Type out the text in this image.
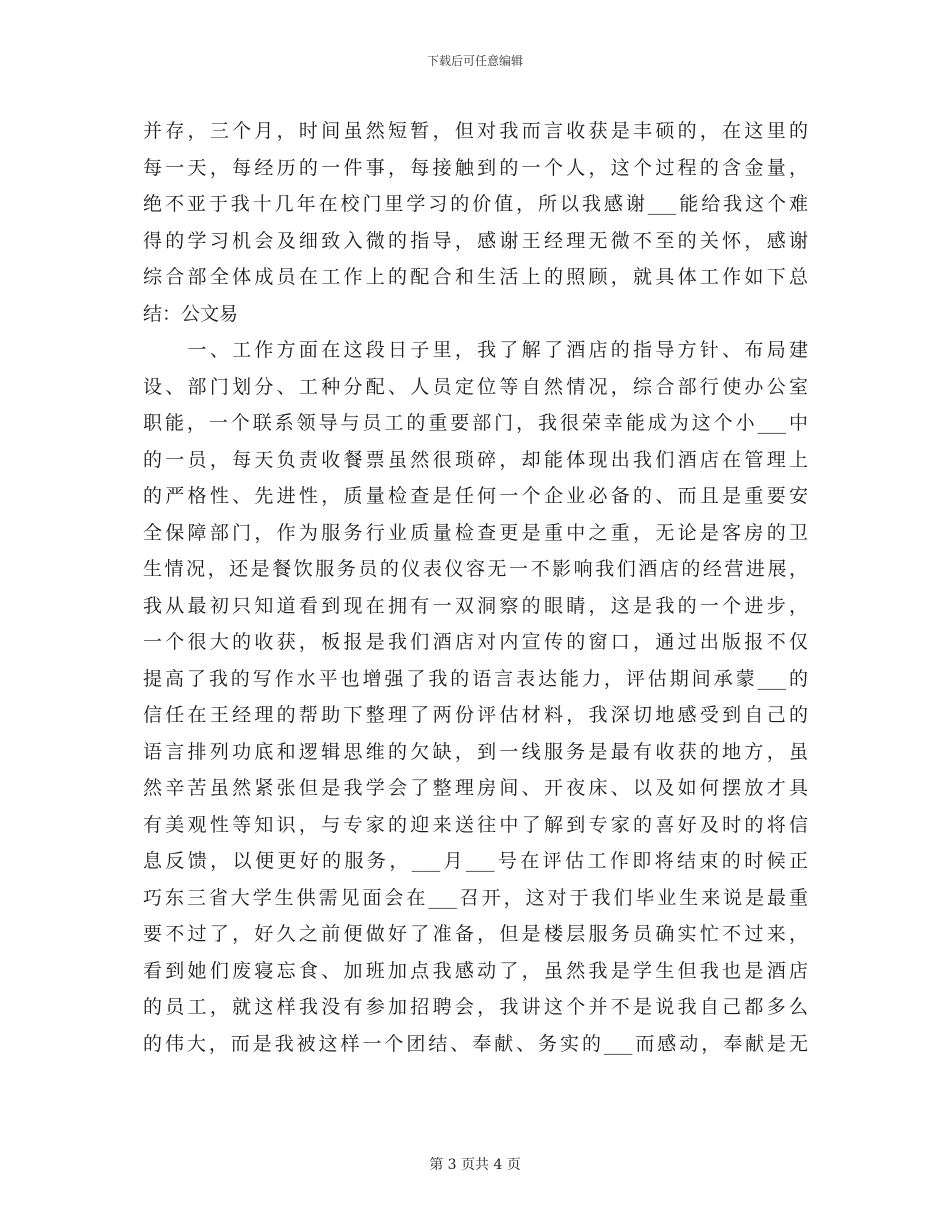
下载后可任意编辑
并存，三个月，时间虽然短暂，但对我而言收获是丰硕的，在这里的
每一天，每经历的一件事，每接触到的一个人，这个过程的含金量，
绝不亚于我十几年在校门里学习的价值，所以我感谢___能给我这个难
得的学习机会及细致入微的指导，感谢王经理无微不至的关怀，感谢
综合部全体成员在工作上的配合和生活上的照顾，就具体工作如下总
结：公文易
　　一、工作方面在这段日子里，我了解了酒店的指导方针、布局建
设、部门划分、工种分配、人员定位等自然情况，综合部行使办公室
职能，一个联系领导与员工的重要部门，我很荣幸能成为这个小___中
的一员，每天负责收餐票虽然很琐碎，却能体现出我们酒店在管理上
的严格性、先进性，质量检查是任何一个企业必备的、而且是重要安
全保障部门，作为服务行业质量检查更是重中之重，无论是客房的卫
生情况，还是餐饮服务员的仪表仪容无一不影响我们酒店的经营进展，
我从最初只知道看到现在拥有一双洞察的眼睛，这是我的一个进步，
一个很大的收获，板报是我们酒店对内宣传的窗口，通过出版报不仅
提高了我的写作水平也增强了我的语言表达能力，评估期间承蒙___的
信任在王经理的帮助下整理了两份评估材料，我深切地感受到自己的
语言排列功底和逻辑思维的欠缺，到一线服务是最有收获的地方，虽
然辛苦虽然紧张但是我学会了整理房间、开夜床、以及如何摆放才具
有美观性等知识，与专家的迎来送往中了解到专家的喜好及时的将信
息反馈，以便更好的服务，___月___号在评估工作即将结束的时候正
巧东三省大学生供需见面会在___召开，这对于我们毕业生来说是最重
要不过了，好久之前便做好了准备，但是楼层服务员确实忙不过来，
看到她们废寝忘食、加班加点我感动了，虽然我是学生但我也是酒店
的员工，就这样我没有参加招聘会，我讲这个并不是说我自己都多么
的伟大，而是我被这样一个团结、奉献、务实的___而感动，奉献是无
第 3 页共 4 页
